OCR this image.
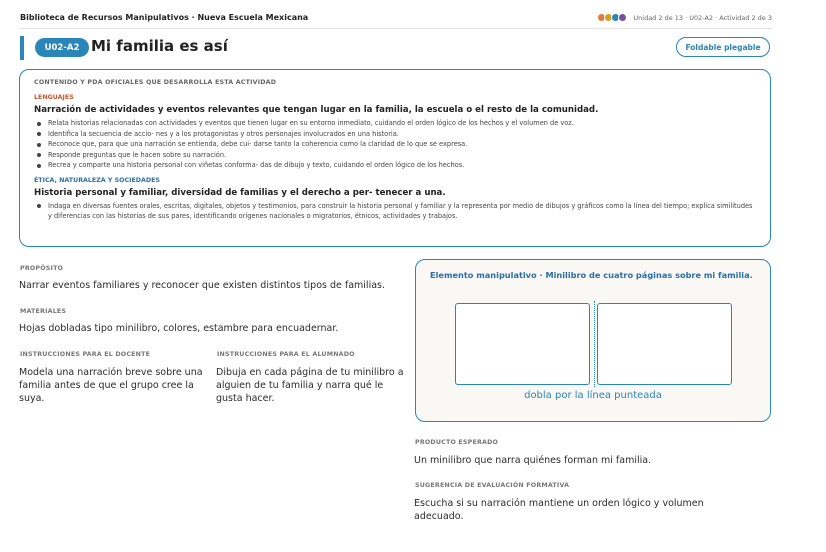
Biblioteca de Recursos Manipulativos · Nueva Escuela Mexicana	Unidad 2 de 13 · U02-A2 · Actividad 2 de 3
U02-A2 Mi familia es así	Foldable plegable
CONTENIDO Y PDA OFICIALES QUE DESARROLLA ESTA ACTIVIDAD
LENGUAJES
Narración de actividades y eventos relevantes que tengan lugar en la familia, la escuela o el resto de la comunidad.
Relata historias relacionadas con actividades y eventos que tienen lugar en su entorno inmediato, cuidando el orden lógico de los hechos y el volumen de voz.
Identifica la secuencia de accio- nes y a los protagonistas y otros personajes involucrados en una historia.
Reconoce que, para que una narración se entienda, debe cui- darse tanto la coherencia como la claridad de lo que se expresa.
Responde preguntas que le hacen sobre su narración.
Recrea y comparte una historia personal con viñetas conforma- das de dibujo y texto, cuidando el orden lógico de los hechos.
ÉTICA, NATURALEZA Y SOCIEDADES
Historia personal y familiar, diversidad de familias y el derecho a per- tenecer a una.
Indaga en diversas fuentes orales, escritas, digitales, objetos y testimonios, para construir la historia personal y familiar y la representa por medio de dibujos y gráficos como la línea del tiempo; explica similitudes y diferencias con las historias de sus pares, identificando orígenes nacionales o migratorios, étnicos, actividades y trabajos.
PROPÓSITO
Narrar eventos familiares y reconocer que existen distintos tipos de familias.
MATERIALES
Hojas dobladas tipo minilibro, colores, estambre para encuadernar.
INSTRUCCIONES PARA EL DOCENTE
Modela una narración breve sobre una familia antes de que el grupo cree la suya.
INSTRUCCIONES PARA EL ALUMNADO
Dibuja en cada página de tu minilibro a alguien de tu familia y narra qué le gusta hacer.
Elemento manipulativo · Minilibro de cuatro páginas sobre mi familia.
dobla por la línea punteada
PRODUCTO ESPERADO
Un minilibro que narra quiénes forman mi familia.
SUGERENCIA DE EVALUACIÓN FORMATIVA
Escucha si su narración mantiene un orden lógico y volumen adecuado.
